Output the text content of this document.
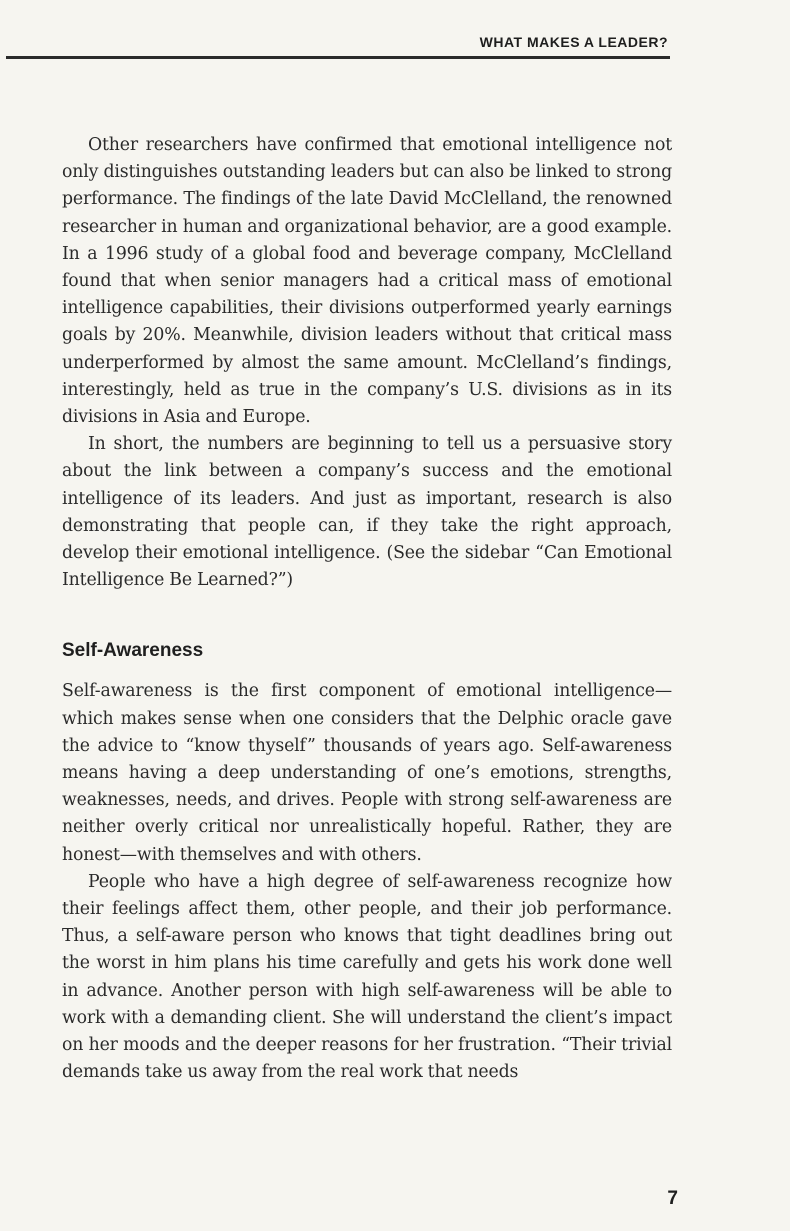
WHAT MAKES A LEADER?

Other researchers have confirmed that emotional intelligence not only distinguishes outstanding leaders but can also be linked to strong performance. The findings of the late David McClelland, the renowned researcher in human and organizational behavior, are a good example. In a 1996 study of a global food and beverage company, McClelland found that when senior managers had a critical mass of emotional intelligence capabilities, their divisions outperformed yearly earnings goals by 20%. Meanwhile, division leaders without that critical mass underperformed by almost the same amount. McClelland’s findings, interestingly, held as true in the company’s U.S. divisions as in its divisions in Asia and Europe.

In short, the numbers are beginning to tell us a persuasive story about the link between a company’s success and the emotional intelligence of its leaders. And just as important, research is also demonstrating that people can, if they take the right approach, develop their emotional intelligence. (See the sidebar “Can Emotional Intelligence Be Learned?”)

Self-Awareness

Self-awareness is the first component of emotional intelligence—which makes sense when one considers that the Delphic oracle gave the advice to “know thyself” thousands of years ago. Self-awareness means having a deep understanding of one’s emotions, strengths, weaknesses, needs, and drives. People with strong self-awareness are neither overly critical nor unrealistically hopeful. Rather, they are honest—with themselves and with others.

People who have a high degree of self-awareness recognize how their feelings affect them, other people, and their job performance. Thus, a self-aware person who knows that tight deadlines bring out the worst in him plans his time carefully and gets his work done well in advance. Another person with high self-awareness will be able to work with a demanding client. She will understand the client’s impact on her moods and the deeper reasons for her frustration. “Their trivial demands take us away from the real work that needs

7
